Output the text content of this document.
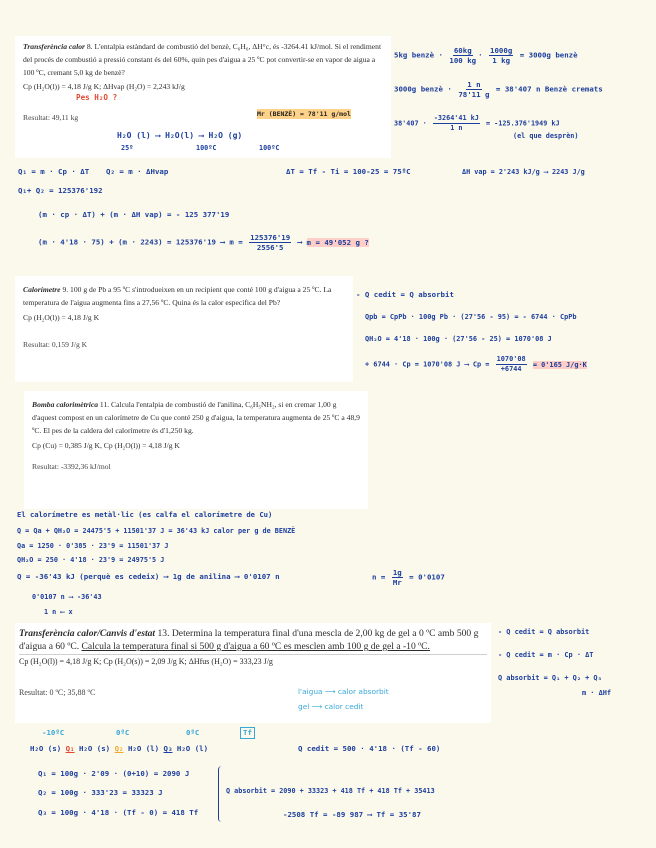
Transferència calor 8. L'entalpia estàndard de combustió del benzè, C₆H₆, ΔH°c, és -3264.41 kJ/mol. Si el rendiment del procés de combustió a pressió constant és del 60%, quin pes d'aigua a 25 ºC pot convertir-se en vapor de aigua a 100 ºC, cremant 5,0 kg de benzè?

Cp (H₂O(l)) = 4,18 J/g K; ΔHvap (H₂O) = 2,243 kJ/g

Resultat: 49,11 kg

Calorímetre 9. 100 g de Pb a 95 ºC s'introdueixen en un recipient que conté 100 g d'aigua a 25 ºC. La temperatura de l'aigua augmenta fins a 27,56 ºC. Quina és la calor específica del Pb?

Cp (H₂O(l)) = 4,18 J/g K

Resultat: 0,159 J/g K

Bomba calorimètrica 11. Calcula l'entalpia de combustió de l'anilina, C₆H₅NH₂, si en cremar 1,00 g d'aquest compost en un calorímetre de Cu que conté 250 g d'aigua, la temperatura augmenta de 25 ºC a 48,9 ºC. El pes de la caldera del calorímetre és d'1,250 kg.

Cp (Cu) = 0,385 J/g K, Cp (H₂O(l)) = 4,18 J/g K

Resultat: -3392,36 kJ/mol

Transferència calor/Canvis d'estat 13. Determina la temperatura final d'una mescla de 2,00 kg de gel a 0 ºC amb 500 g d'aigua a 60 ºC. Calcula la temperatura final si 500 g d'aigua a 60 ºC es mesclen amb 100 g de gel a -10 ºC.

Cp (H₂O(l)) = 4,18 J/g K; Cp (H₂O(s)) = 2,09 J/g K; ΔHfus (H₂O) = 333,23 J/g

Resultat: 0 ºC; 35,88 ºC

Pes H₂O ?
Mr (BENZÈ) = 78'11 g/mol
H₂O (l) ⟶ H₂O(l) ⟶ H₂O (g)
25º	100ºC	100ºC
5kg benzè · $\frac{60kg}{100 kg} \cdot \frac{1000g}{1 kg} = 3000g$ benzè
3000g benzè · $\frac{1 n}{78'11 g} = 38'407$ n Benzè cremats
$38'407 \cdot \frac{-3264'41 kJ}{1 n} = -125.376'1949$ kJ
(el que desprèn)
Q₁ = m · Cp · ΔT Q₂ = m · ΔHvap	ΔT = Tf - Ti = 100-25 = 75ºC	ΔH vap = 2'243 kJ/g ⟶ 2243 J/g
Q₁+ Q₂ = 125376'192
(m · cp · ΔT) + (m · ΔH vap) = - 125 377'19
(m · 4'18 · 75) + (m · 2243) = 125376'19 ⟶ $m = \frac{125376'19}{2556'5}$ ⟶ m = 49'052 g ?
- Q cedit = Q absorbit
Qpb = CpPb · 100g Pb · (27'56 - 95) = - 6744 · CpPb
QH₂O = 4'18 · 100g · (27'56 - 25) = 1070'08 J
+ 6744 · Cp = 1070'08 J ⟶ $Cp = \frac{1070'08}{+6744} = 0'165$ J/g·K
El calorímetre es metàl·lic (es calfa el calorímetre de Cu)
Q = Qa + QH₂O = 24475'5 + 11501'37 J = 36'43 kJ calor per g de BENZÈ
Qa = 1250 · 0'385 · 23'9 = 11501'37 J
QH₂O = 250 · 4'18 · 23'9 = 24975'5 J
Q = -36'43 kJ (perquè es cedeix) ⟶ 1g de anilina ⟶ 0'0107 n	$n = \frac{1g}{Mr} = 0'0107$
0'0107 n ⟶ -36'43
1 n ⟵ x
- Q cedit = Q absorbit
- Q cedit = m · Cp · ΔT
Q absorbit = Q₁ + Q₂ + Q₃
m · ΔHf
l'aigua ⟶ calor absorbit
gel ⟶ calor cedit
-10ºC	0ºC	0ºC	Tf
H₂O (s) Q₁ H₂O (s) Q₂ H₂O (l) Q₃ H₂O (l)	Q cedit = 500 · 4'18 · (Tf - 60)
Q₁ = 100g · 2'09 · (0+10) = 2090 J
Q₂ = 100g · 333'23 = 33323 J
Q₃ = 100g · 4'18 · (Tf - 0) = 418 Tf
Q absorbit = 2090 + 33323 + 418 Tf + 418 Tf + 35413
-2508 Tf = -89 987 ⟶ Tf = 35'87
